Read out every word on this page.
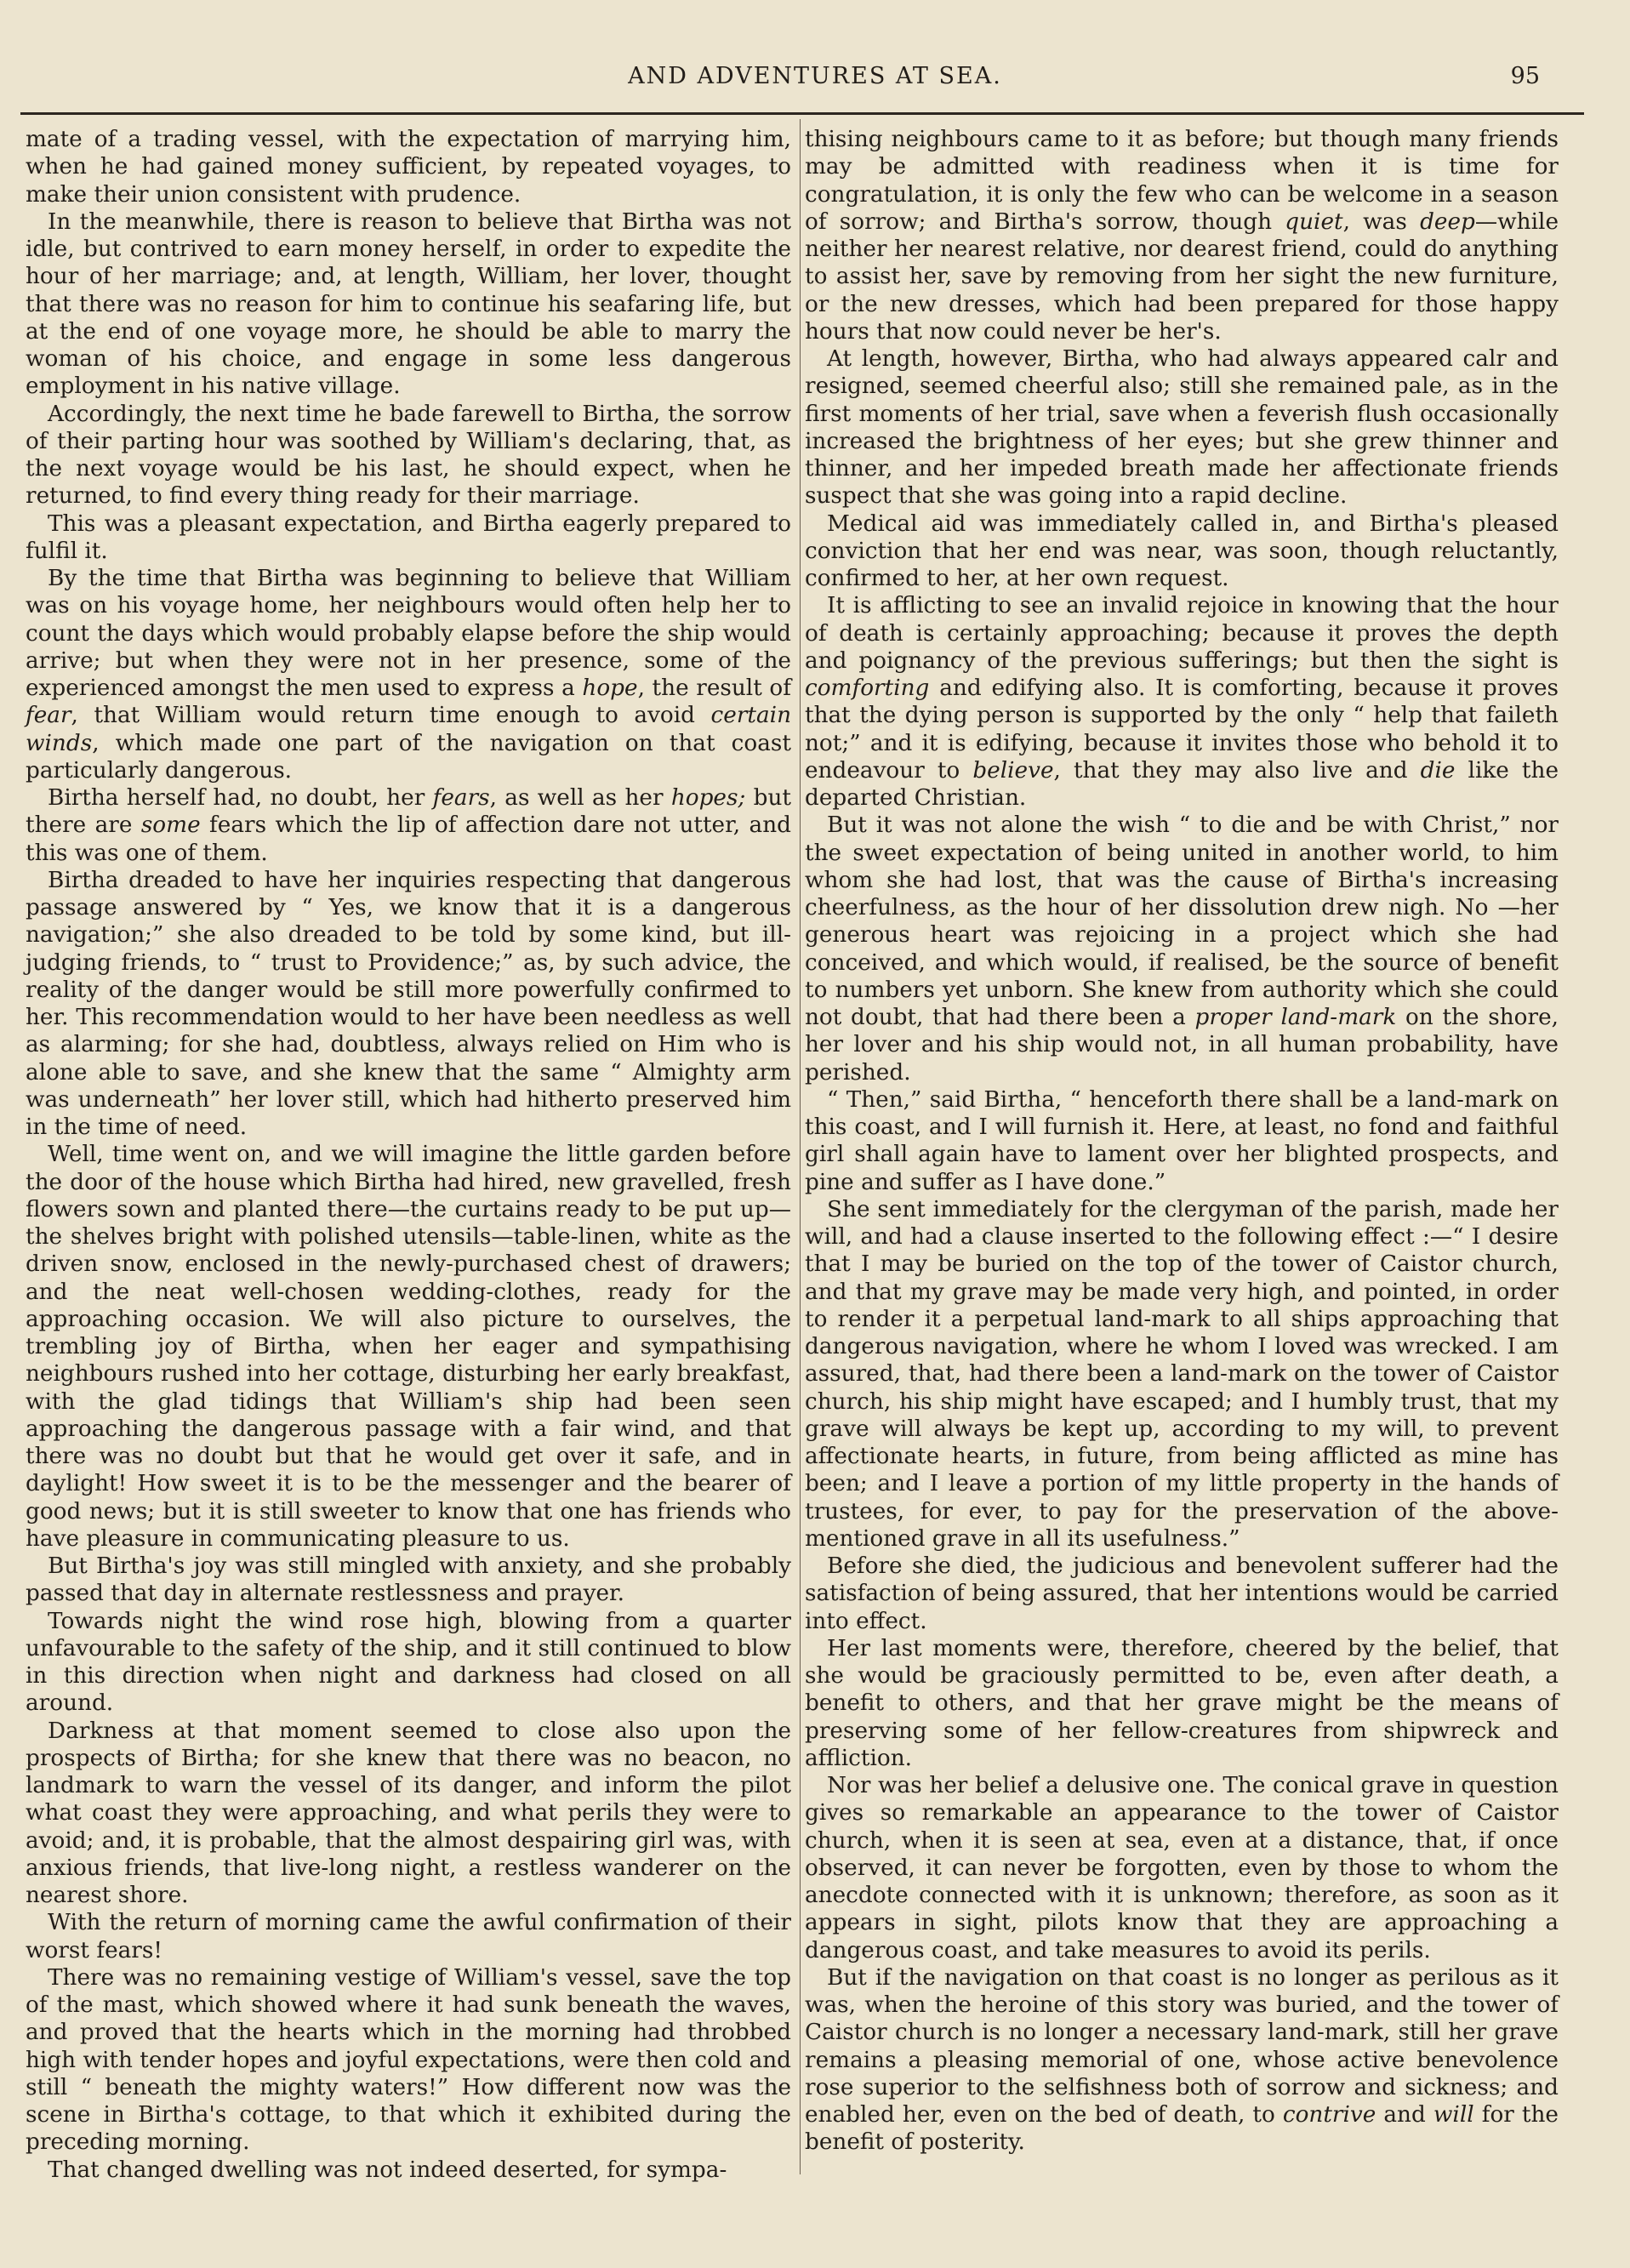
AND ADVENTURES AT SEA.	95

mate of a trading vessel, with the expectation of marrying him, when he had gained money sufficient, by repeated voyages, to make their union consistent with prudence.

In the meanwhile, there is reason to believe that Birtha was not idle, but contrived to earn money herself, in order to expedite the hour of her marriage; and, at length, William, her lover, thought that there was no reason for him to continue his seafaring life, but at the end of one voyage more, he should be able to marry the woman of his choice, and engage in some less dangerous employment in his native village.

Accordingly, the next time he bade farewell to Birtha, the sorrow of their parting hour was soothed by William's declaring, that, as the next voyage would be his last, he should expect, when he returned, to find every thing ready for their marriage.

This was a pleasant expectation, and Birtha eagerly prepared to fulfil it.

By the time that Birtha was beginning to believe that William was on his voyage home, her neighbours would often help her to count the days which would probably elapse before the ship would arrive; but when they were not in her presence, some of the experienced amongst the men used to express a hope, the result of fear, that William would return time enough to avoid certain winds, which made one part of the navigation on that coast particularly dangerous.

Birtha herself had, no doubt, her fears, as well as her hopes; but there are some fears which the lip of affection dare not utter, and this was one of them.

Birtha dreaded to have her inquiries respecting that dangerous passage answered by “ Yes, we know that it is a dangerous navigation;” she also dreaded to be told by some kind, but ill-judging friends, to “ trust to Providence;” as, by such advice, the reality of the danger would be still more powerfully confirmed to her. This recommendation would to her have been needless as well as alarming; for she had, doubtless, always relied on Him who is alone able to save, and she knew that the same “ Almighty arm was underneath” her lover still, which had hitherto preserved him in the time of need.

Well, time went on, and we will imagine the little garden before the door of the house which Birtha had hired, new gravelled, fresh flowers sown and planted there—the curtains ready to be put up—the shelves bright with polished utensils—table-linen, white as the driven snow, enclosed in the newly-purchased chest of drawers; and the neat well-chosen wedding-clothes, ready for the approaching occasion. We will also picture to ourselves, the trembling joy of Birtha, when her eager and sympathising neighbours rushed into her cottage, disturbing her early breakfast, with the glad tidings that William's ship had been seen approaching the dangerous passage with a fair wind, and that there was no doubt but that he would get over it safe, and in daylight! How sweet it is to be the messenger and the bearer of good news; but it is still sweeter to know that one has friends who have pleasure in communicating pleasure to us.

But Birtha's joy was still mingled with anxiety, and she probably passed that day in alternate restlessness and prayer.

Towards night the wind rose high, blowing from a quarter unfavourable to the safety of the ship, and it still continued to blow in this direction when night and darkness had closed on all around.

Darkness at that moment seemed to close also upon the prospects of Birtha; for she knew that there was no beacon, no landmark to warn the vessel of its danger, and inform the pilot what coast they were approaching, and what perils they were to avoid; and, it is probable, that the almost despairing girl was, with anxious friends, that live-long night, a restless wanderer on the nearest shore.

With the return of morning came the awful confirmation of their worst fears!

There was no remaining vestige of William's vessel, save the top of the mast, which showed where it had sunk beneath the waves, and proved that the hearts which in the morning had throbbed high with tender hopes and joyful expectations, were then cold and still “ beneath the mighty waters!” How different now was the scene in Birtha's cottage, to that which it exhibited during the preceding morning.

That changed dwelling was not indeed deserted, for sympa-

thising neighbours came to it as before; but though many friends may be admitted with readiness when it is time for congratulation, it is only the few who can be welcome in a season of sorrow; and Birtha's sorrow, though quiet, was deep—while neither her nearest relative, nor dearest friend, could do anything to assist her, save by removing from her sight the new furniture, or the new dresses, which had been prepared for those happy hours that now could never be her's.

At length, however, Birtha, who had always appeared calr and resigned, seemed cheerful also; still she remained pale, as in the first moments of her trial, save when a feverish flush occasionally increased the brightness of her eyes; but she grew thinner and thinner, and her impeded breath made her affectionate friends suspect that she was going into a rapid decline.

Medical aid was immediately called in, and Birtha's pleased conviction that her end was near, was soon, though reluctantly, confirmed to her, at her own request.

It is afflicting to see an invalid rejoice in knowing that the hour of death is certainly approaching; because it proves the depth and poignancy of the previous sufferings; but then the sight is comforting and edifying also. It is comforting, because it proves that the dying person is supported by the only “ help that faileth not;” and it is edifying, because it invites those who behold it to endeavour to believe, that they may also live and die like the departed Christian.

But it was not alone the wish “ to die and be with Christ,” nor the sweet expectation of being united in another world, to him whom she had lost, that was the cause of Birtha's increasing cheerfulness, as the hour of her dissolution drew nigh. No —her generous heart was rejoicing in a project which she had conceived, and which would, if realised, be the source of benefit to numbers yet unborn. She knew from authority which she could not doubt, that had there been a proper land-mark on the shore, her lover and his ship would not, in all human probability, have perished.

“ Then,” said Birtha, “ henceforth there shall be a land-mark on this coast, and I will furnish it. Here, at least, no fond and faithful girl shall again have to lament over her blighted prospects, and pine and suffer as I have done.”

She sent immediately for the clergyman of the parish, made her will, and had a clause inserted to the following effect :—“ I desire that I may be buried on the top of the tower of Caistor church, and that my grave may be made very high, and pointed, in order to render it a perpetual land-mark to all ships approaching that dangerous navigation, where he whom I loved was wrecked. I am assured, that, had there been a land-mark on the tower of Caistor church, his ship might have escaped; and I humbly trust, that my grave will always be kept up, according to my will, to prevent affectionate hearts, in future, from being afflicted as mine has been; and I leave a portion of my little property in the hands of trustees, for ever, to pay for the preservation of the above-mentioned grave in all its usefulness.”

Before she died, the judicious and benevolent sufferer had the satisfaction of being assured, that her intentions would be carried into effect.

Her last moments were, therefore, cheered by the belief, that she would be graciously permitted to be, even after death, a benefit to others, and that her grave might be the means of preserving some of her fellow-creatures from shipwreck and affliction.

Nor was her belief a delusive one. The conical grave in question gives so remarkable an appearance to the tower of Caistor church, when it is seen at sea, even at a distance, that, if once observed, it can never be forgotten, even by those to whom the anecdote connected with it is unknown; therefore, as soon as it appears in sight, pilots know that they are approaching a dangerous coast, and take measures to avoid its perils.

But if the navigation on that coast is no longer as perilous as it was, when the heroine of this story was buried, and the tower of Caistor church is no longer a necessary land-mark, still her grave remains a pleasing memorial of one, whose active benevolence rose superior to the selfishness both of sorrow and sickness; and enabled her, even on the bed of death, to contrive and will for the benefit of posterity.
